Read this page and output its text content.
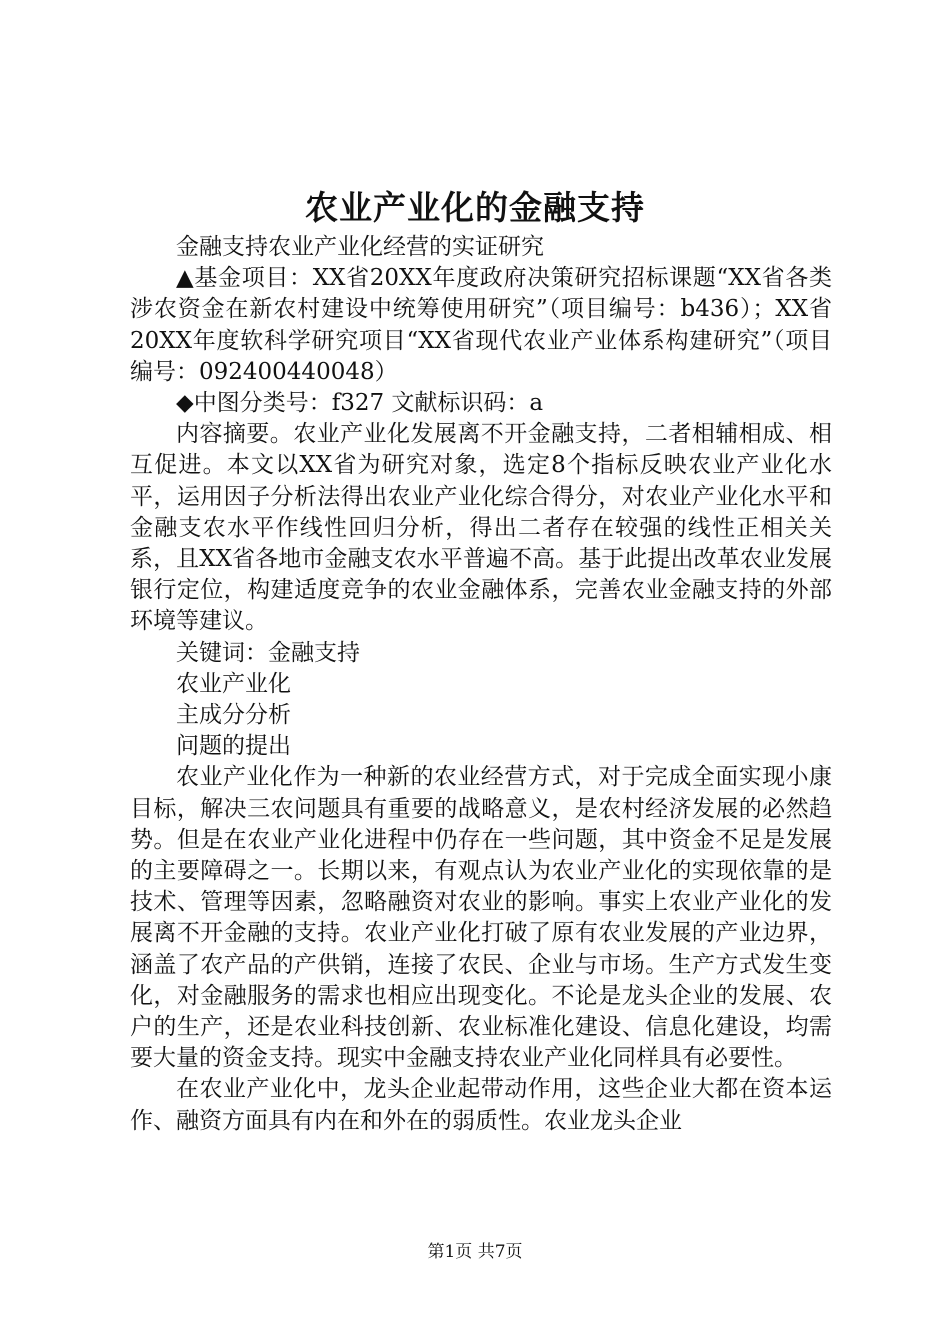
农业产业化的金融支持

金融支持农业产业化经营的实证研究

▲基金项目：XX省20XX年度政府决策研究招标课题“XX省各类涉农资金在新农村建设中统筹使用研究”（项目编号：b436）；XX省20XX年度软科学研究项目“XX省现代农业产业体系构建研究”（项目编号：092400440048）

◆中图分类号：f327 文献标识码：a

内容摘要。农业产业化发展离不开金融支持，二者相辅相成、相互促进。本文以XX省为研究对象，选定8个指标反映农业产业化水平，运用因子分析法得出农业产业化综合得分，对农业产业化水平和金融支农水平作线性回归分析，得出二者存在较强的线性正相关关系，且XX省各地市金融支农水平普遍不高。基于此提出改革农业发展银行定位，构建适度竞争的农业金融体系，完善农业金融支持的外部环境等建议。

关键词：金融支持

农业产业化

主成分分析

问题的提出

农业产业化作为一种新的农业经营方式，对于完成全面实现小康目标，解决三农问题具有重要的战略意义，是农村经济发展的必然趋势。但是在农业产业化进程中仍存在一些问题，其中资金不足是发展的主要障碍之一。长期以来，有观点认为农业产业化的实现依靠的是技术、管理等因素，忽略融资对农业的影响。事实上农业产业化的发展离不开金融的支持。农业产业化打破了原有农业发展的产业边界，涵盖了农产品的产供销，连接了农民、企业与市场。生产方式发生变化，对金融服务的需求也相应出现变化。不论是龙头企业的发展、农户的生产，还是农业科技创新、农业标准化建设、信息化建设，均需要大量的资金支持。现实中金融支持农业产业化同样具有必要性。

在农业产业化中，龙头企业起带动作用，这些企业大都在资本运作、融资方面具有内在和外在的弱质性。农业龙头企业

第1页 共7页
